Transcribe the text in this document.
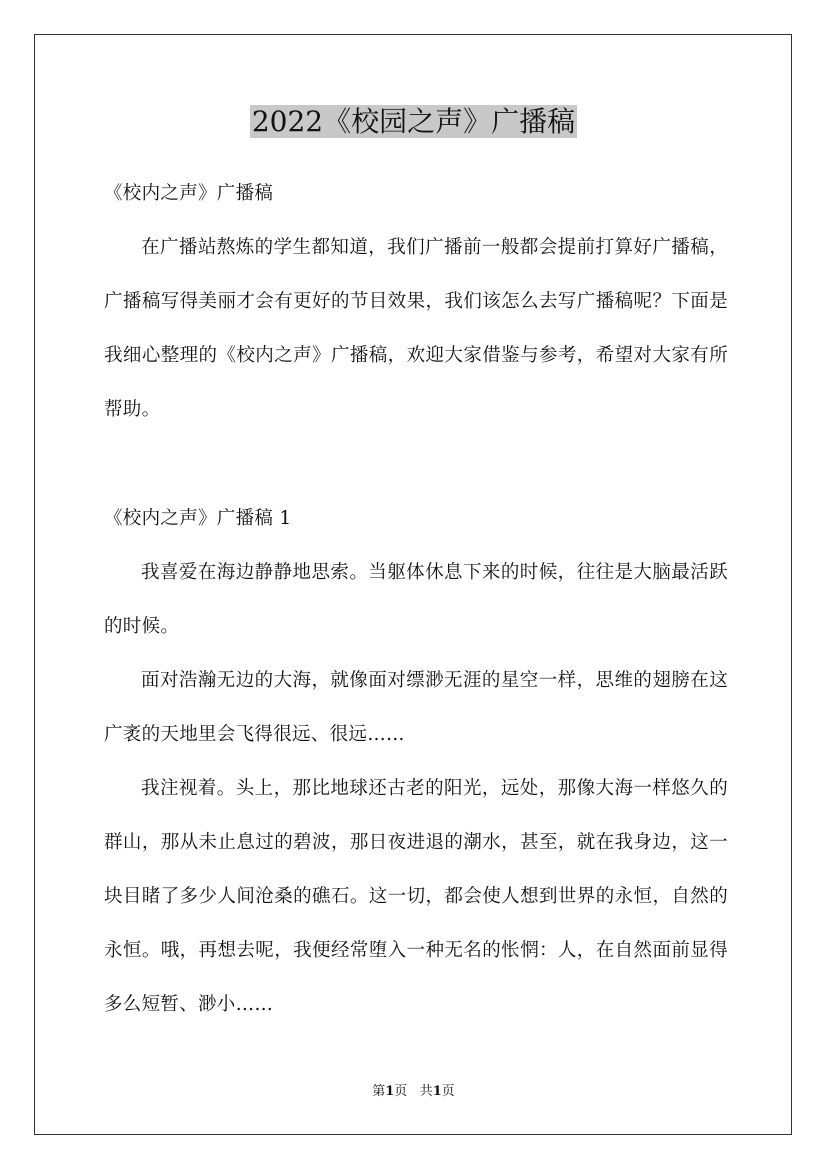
2022《校园之声》广播稿

《校内之声》广播稿

在广播站熬炼的学生都知道，我们广播前一般都会提前打算好广播稿，广播稿写得美丽才会有更好的节目效果，我们该怎么去写广播稿呢？下面是我细心整理的《校内之声》广播稿，欢迎大家借鉴与参考，希望对大家有所帮助。

《校内之声》广播稿 1

我喜爱在海边静静地思索。当躯体休息下来的时候，往往是大脑最活跃的时候。

面对浩瀚无边的大海，就像面对缥渺无涯的星空一样，思维的翅膀在这广袤的天地里会飞得很远、很远……

我注视着。头上，那比地球还古老的阳光，远处，那像大海一样悠久的群山，那从未止息过的碧波，那日夜进退的潮水，甚至，就在我身边，这一块目睹了多少人间沧桑的礁石。这一切，都会使人想到世界的永恒，自然的永恒。哦，再想去呢，我便经常堕入一种无名的怅惘：人，在自然面前显得多么短暂、渺小……

第1页 共1页
